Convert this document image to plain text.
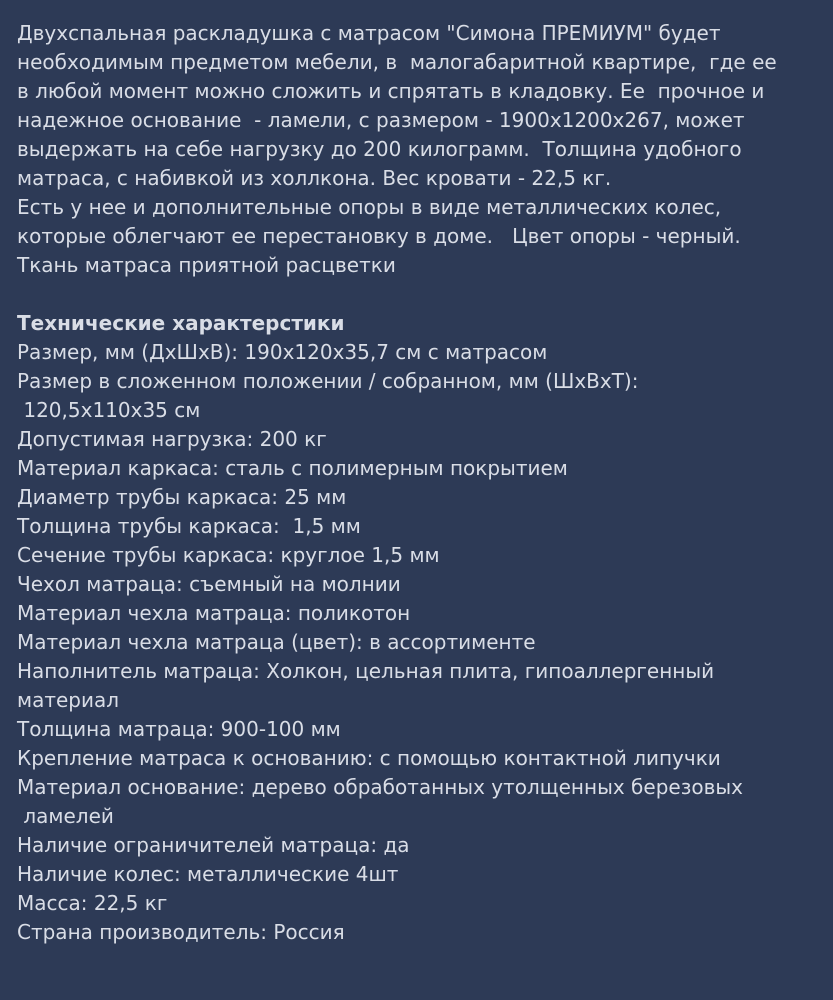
Двухспальная раскладушка с матрасом "Симона ПРЕМИУМ" будет

необходимым предметом мебели, в  малогабаритной квартире,  где ее

в любой момент можно сложить и спрятать в кладовку. Ее  прочное и

надежное основание  - ламели, с размером - 1900х1200х267, может

выдержать на себе нагрузку до 200 килограмм.  Толщина удобного

матраса, с набивкой из холлкона. Вес кровати - 22,5 кг.

Есть у нее и дополнительные опоры в виде металлических колес,

которые облегчают ее перестановку в доме.   Цвет опоры - черный.

Ткань матраса приятной расцветки

Технические характерстики

Размер, мм (ДхШхВ): 190х120х35,7 см с матрасом

Размер в сложенном положении / собранном, мм (ШхВхТ):

120,5х110х35 см

Допустимая нагрузка: 200 кг

Материал каркаса: сталь с полимерным покрытием

Диаметр трубы каркаса: 25 мм

Толщина трубы каркаса:  1,5 мм

Сечение трубы каркаса: круглое 1,5 мм

Чехол матраца: съемный на молнии

Материал чехла матраца: поликотон

Материал чехла матраца (цвет): в ассортименте

Наполнитель матраца: Холкон, цельная плита, гипоаллергенный

материал

Толщина матраца: 900-100 мм

Крепление матраса к основанию: с помощью контактной липучки

Материал основание: дерево обработанных утолщенных березовых

ламелей

Наличие ограничителей матраца: да

Наличие колес: металлические 4шт

Масса: 22,5 кг

Страна производитель: Россия
